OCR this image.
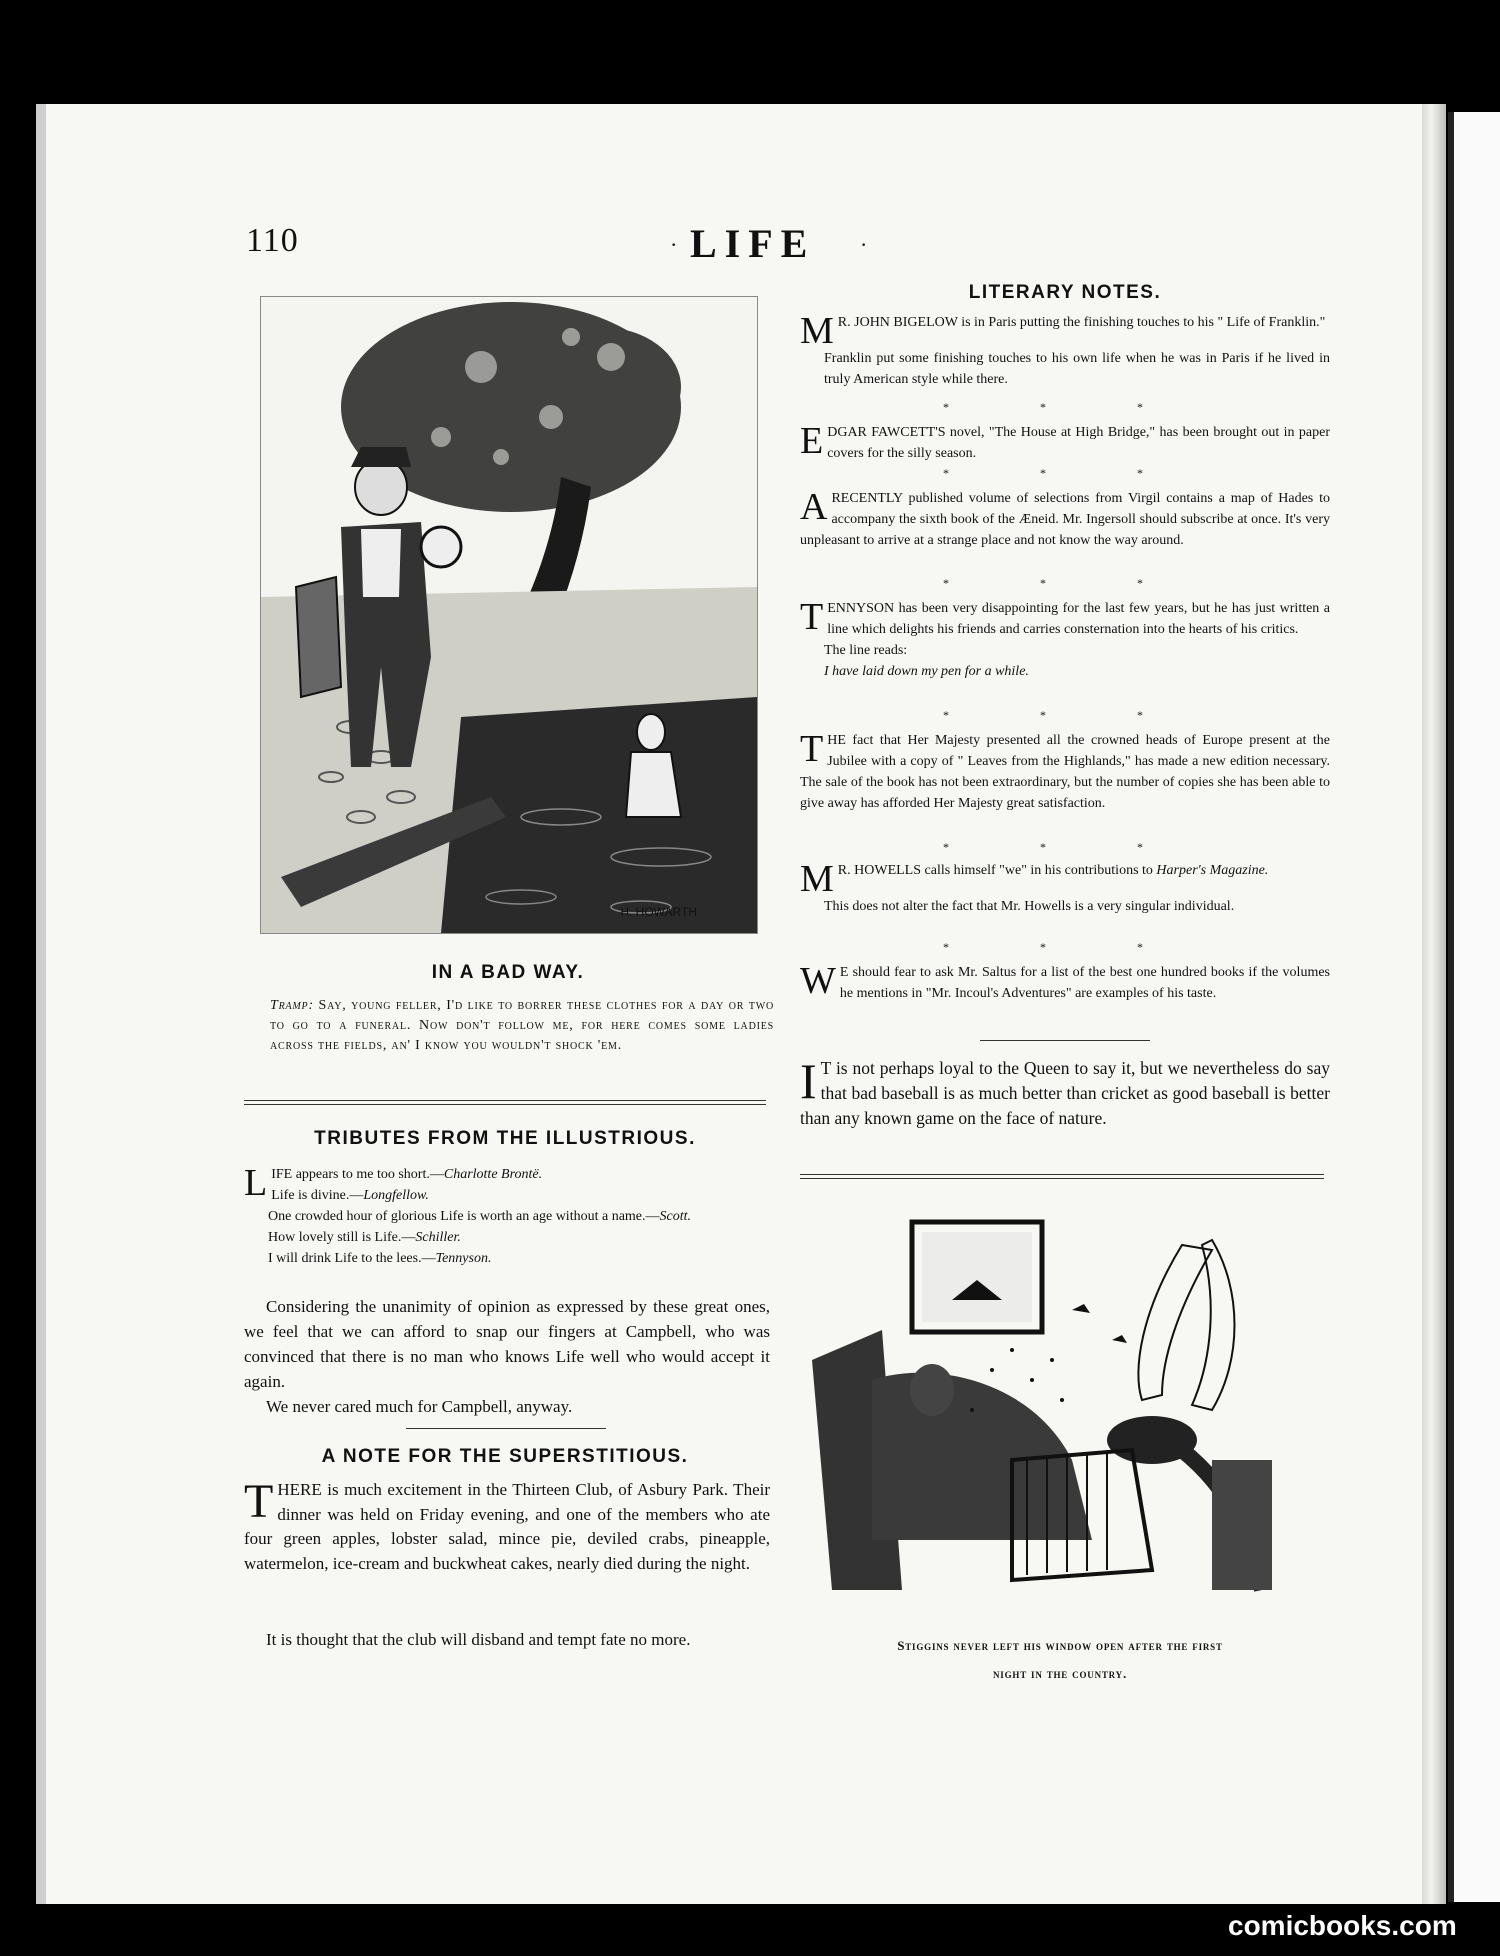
110	· LIFE ·
H. HOWARTH
IN A BAD WAY.
Tramp: Say, young feller, I'd like to borrer these clothes for a day or two to go to a funeral. Now don't follow me, for here comes some ladies across the fields, an' I know you wouldn't shock 'em.
TRIBUTES FROM THE ILLUSTRIOUS.
L IFE appears to me too short.—Charlotte Brontë.
Life is divine.—Longfellow.
One crowded hour of glorious Life is worth an age without a name.—Scott.
How lovely still is Life.—Schiller.
I will drink Life to the lees.—Tennyson.
Considering the unanimity of opinion as expressed by these great ones, we feel that we can afford to snap our fingers at Campbell, who was convinced that there is no man who knows Life well who would accept it again.
We never cared much for Campbell, anyway.
A NOTE FOR THE SUPERSTITIOUS.
T HERE is much excitement in the Thirteen Club, of Asbury Park. Their dinner was held on Friday evening, and one of the members who ate four green apples, lobster salad, mince pie, deviled crabs, pineapple, watermelon, ice-cream and buckwheat cakes, nearly died during the night.
It is thought that the club will disband and tempt fate no more.
LITERARY NOTES.
M R. JOHN BIGELOW is in Paris putting the finishing touches to his " Life of Franklin."
Franklin put some finishing touches to his own life when he was in Paris if he lived in truly American style while there.
* * *
E DGAR FAWCETT'S novel, "The House at High Bridge," has been brought out in paper covers for the silly season.
* * *
A RECENTLY published volume of selections from Virgil contains a map of Hades to accompany the sixth book of the Æneid. Mr. Ingersoll should subscribe at once. It's very unpleasant to arrive at a strange place and not know the way around.
* * *
T ENNYSON has been very disappointing for the last few years, but he has just written a line which delights his friends and carries consternation into the hearts of his critics.
The line reads:
I have laid down my pen for a while.
* * *
T HE fact that Her Majesty presented all the crowned heads of Europe present at the Jubilee with a copy of " Leaves from the Highlands," has made a new edition necessary. The sale of the book has not been extraordinary, but the number of copies she has been able to give away has afforded Her Majesty great satisfaction.
* * *
M R. HOWELLS calls himself "we" in his contributions to Harper's Magazine.
This does not alter the fact that Mr. Howells is a very singular individual.
* * *
W E should fear to ask Mr. Saltus for a list of the best one hundred books if the volumes he mentions in "Mr. Incoul's Adventures" are examples of his taste.
I T is not perhaps loyal to the Queen to say it, but we nevertheless do say that bad baseball is as much better than cricket as good baseball is better than any known game on the face of nature.
Stiggins never left his window open after the first
night in the country.
comicbooks.com
